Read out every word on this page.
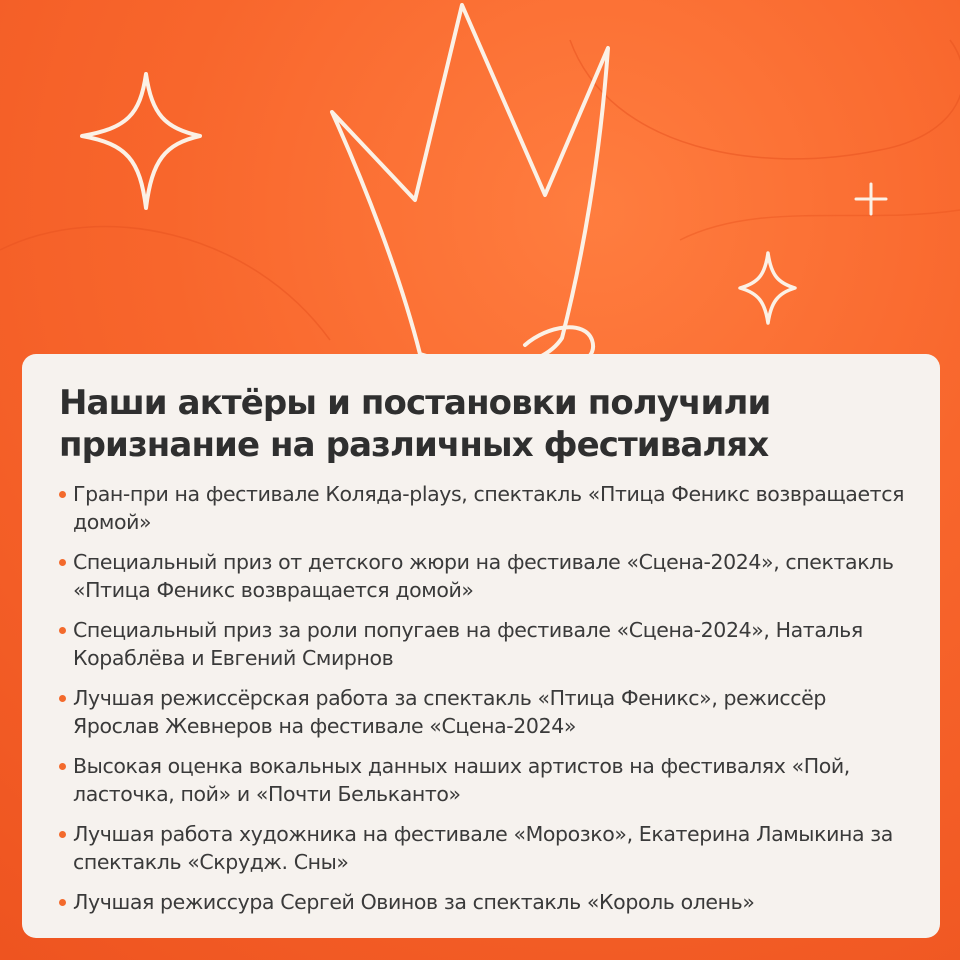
Наши актёры и постановки получили признание на различных фестивалях
Гран-при на фестивале Коляда-plays, спектакль «Птица Феникс возвращается домой»
Специальный приз от детского жюри на фестивале «Сцена-2024», спектакль «Птица Феникс возвращается домой»
Специальный приз за роли попугаев на фестивале «Сцена-2024», Наталья Кораблёва и Евгений Смирнов
Лучшая режиссёрская работа за спектакль «Птица Феникс», режиссёр Ярослав Жевнеров на фестивале «Сцена-2024»
Высокая оценка вокальных данных наших артистов на фестивалях «Пой, ласточка, пой» и «Почти Бельканто»
Лучшая работа художника на фестивале «Морозко», Екатерина Ламыкина за спектакль «Скрудж. Сны»
Лучшая режиссура Сергей Овинов за спектакль «Король олень»
